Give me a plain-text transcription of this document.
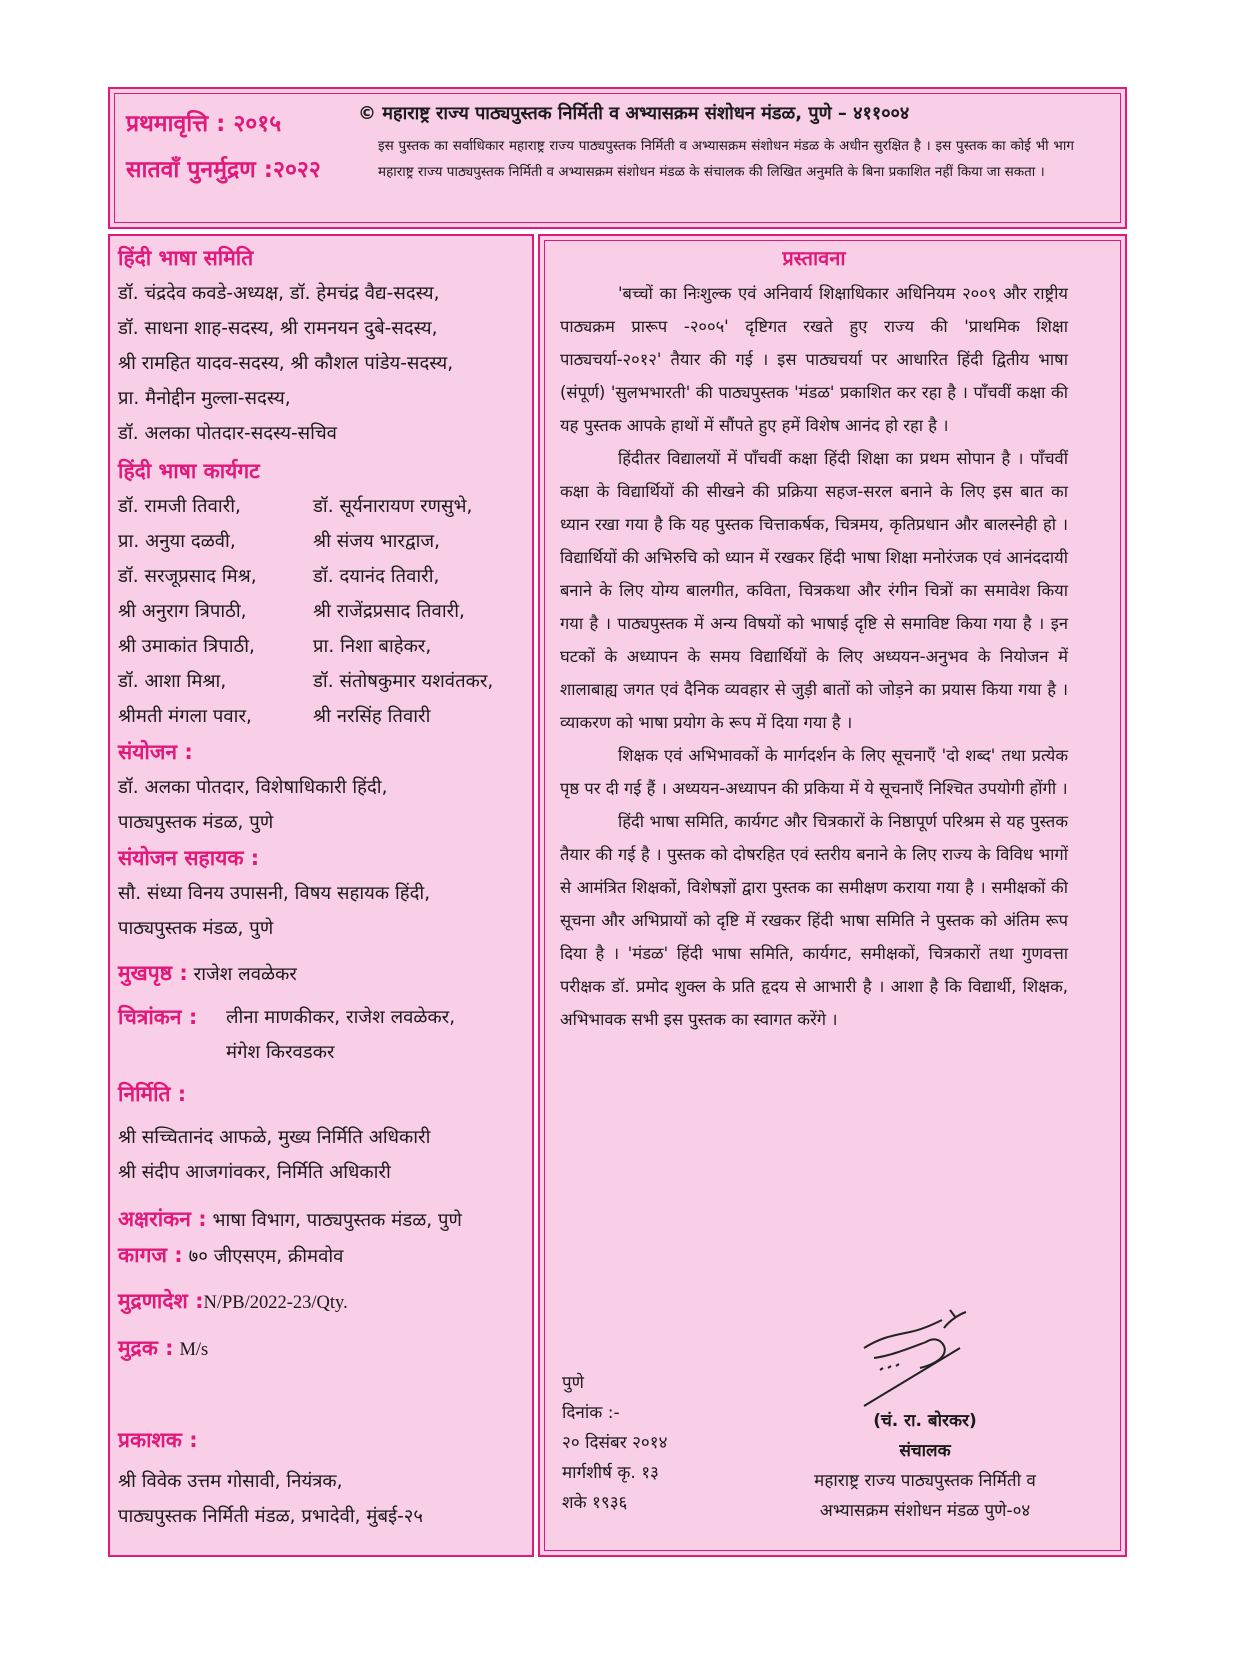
प्रथमावृत्ति : २०१५
सातवाँ पुनर्मुद्रण :२०२२
© महाराष्ट्र राज्य पाठ्यपुस्तक निर्मिती व अभ्यासक्रम संशोधन मंडळ, पुणे – ४११००४
इस पुस्तक का सर्वाधिकार महाराष्ट्र राज्य पाठ्यपुस्तक निर्मिती व अभ्यासक्रम संशोधन मंडळ के अधीन सुरक्षित है । इस पुस्तक का कोई भी भाग महाराष्ट्र राज्य पाठ्यपुस्तक निर्मिती व अभ्यासक्रम संशोधन मंडळ के संचालक की लिखित अनुमति के बिना प्रकाशित नहीं किया जा सकता ।
हिंदी भाषा समिति
डॉ. चंद्रदेव कवडे-अध्यक्ष, डॉ. हेमचंद्र वैद्य-सदस्य,
डॉ. साधना शाह-सदस्य, श्री रामनयन दुबे-सदस्य,
श्री रामहित यादव-सदस्य, श्री कौशल पांडेय-सदस्य,
प्रा. मैनोद्दीन मुल्ला-सदस्य,
डॉ. अलका पोतदार-सदस्य-सचिव
हिंदी भाषा कार्यगट
डॉ. रामजी तिवारी,	डॉ. सूर्यनारायण रणसुभे,
प्रा. अनुया दळवी,	श्री संजय भारद्वाज,
डॉ. सरजूप्रसाद मिश्र,	डॉ. दयानंद तिवारी,
श्री अनुराग त्रिपाठी,	श्री राजेंद्रप्रसाद तिवारी,
श्री उमाकांत त्रिपाठी,	प्रा. निशा बाहेकर,
डॉ. आशा मिश्रा,	डॉ. संतोषकुमार यशवंतकर,
श्रीमती मंगला पवार,	श्री नरसिंह तिवारी
संयोजन :
डॉ. अलका पोतदार, विशेषाधिकारी हिंदी,
पाठ्यपुस्तक मंडळ, पुणे
संयोजन सहायक :
सौ. संध्या विनय उपासनी, विषय सहायक हिंदी,
पाठ्यपुस्तक मंडळ, पुणे
मुखपृष्ठ : राजेश लवळेकर
चित्रांकन :	लीना माणकीकर, राजेश लवळेकर,
मंगेश किरवडकर
निर्मिति :
श्री सच्चितानंद आफळे, मुख्य निर्मिति अधिकारी
श्री संदीप आजगांवकर, निर्मिति अधिकारी
अक्षरांकन : भाषा विभाग, पाठ्यपुस्तक मंडळ, पुणे
कागज : ७० जीएसएम, क्रीमवोव
मुद्रणादेश :N/PB/2022-23/Qty.
मुद्रक : M/s
प्रकाशक :
श्री विवेक उत्तम गोसावी, नियंत्रक,
पाठ्यपुस्तक निर्मिती मंडळ, प्रभादेवी, मुंबई-२५
प्रस्तावना

'बच्चों का निःशुल्क एवं अनिवार्य शिक्षाधिकार अधिनियम २००९ और राष्ट्रीय पाठ्यक्रम प्रारूप -२००५' दृष्टिगत रखते हुए राज्य की 'प्राथमिक शिक्षा पाठ्यचर्या-२०१२' तैयार की गई । इस पाठ्यचर्या पर आधारित हिंदी द्वितीय भाषा (संपूर्ण) 'सुलभभारती' की पाठ्यपुस्तक 'मंडळ' प्रकाशित कर रहा है । पाँचवीं कक्षा की यह पुस्तक आपके हाथों में सौंपते हुए हमें विशेष आनंद हो रहा है ।

हिंदीतर विद्यालयों में पाँचवीं कक्षा हिंदी शिक्षा का प्रथम सोपान है । पाँचवीं कक्षा के विद्यार्थियों की सीखने की प्रक्रिया सहज-सरल बनाने के लिए इस बात का ध्यान रखा गया है कि यह पुस्तक चित्ताकर्षक, चित्रमय, कृतिप्रधान और बालस्नेही हो । विद्यार्थियों की अभिरुचि को ध्यान में रखकर हिंदी भाषा शिक्षा मनोरंजक एवं आनंददायी बनाने के लिए योग्य बालगीत, कविता, चित्रकथा और रंगीन चित्रों का समावेश किया गया है । पाठ्यपुस्तक में अन्य विषयों को भाषाई दृष्टि से समाविष्ट किया गया है । इन घटकों के अध्यापन के समय विद्यार्थियों के लिए अध्ययन-अनुभव के नियोजन में शालाबाह्य जगत एवं दैनिक व्यवहार से जुड़ी बातों को जोड़ने का प्रयास किया गया है । व्याकरण को भाषा प्रयोग के रूप में दिया गया है ।

शिक्षक एवं अभिभावकों के मार्गदर्शन के लिए सूचनाएँ 'दो शब्द' तथा प्रत्येक पृष्ठ पर दी गई हैं । अध्ययन-अध्यापन की प्रकिया में ये सूचनाएँ निश्चित उपयोगी होंगी ।

हिंदी भाषा समिति, कार्यगट और चित्रकारों के निष्ठापूर्ण परिश्रम से यह पुस्तक तैयार की गई है । पुस्तक को दोषरहित एवं स्तरीय बनाने के लिए राज्य के विविध भागों से आमंत्रित शिक्षकों, विशेषज्ञों द्वारा पुस्तक का समीक्षण कराया गया है । समीक्षकों की सूचना और अभिप्रायों को दृष्टि में रखकर हिंदी भाषा समिति ने पुस्तक को अंतिम रूप दिया है । 'मंडळ' हिंदी भाषा समिति, कार्यगट, समीक्षकों, चित्रकारों तथा गुणवत्ता परीक्षक डॉ. प्रमोद शुक्ल के प्रति हृदय से आभारी है । आशा है कि विद्यार्थी, शिक्षक, अभिभावक सभी इस पुस्तक का स्वागत करेंगे ।

पुणे
दिनांक :-
२० दिसंबर २०१४
मार्गशीर्ष कृ. १३
शके १९३६
(चं. रा. बोरकर)
संचालक
महाराष्ट्र राज्य पाठ्यपुस्तक निर्मिती व
अभ्यासक्रम संशोधन मंडळ पुणे-०४
